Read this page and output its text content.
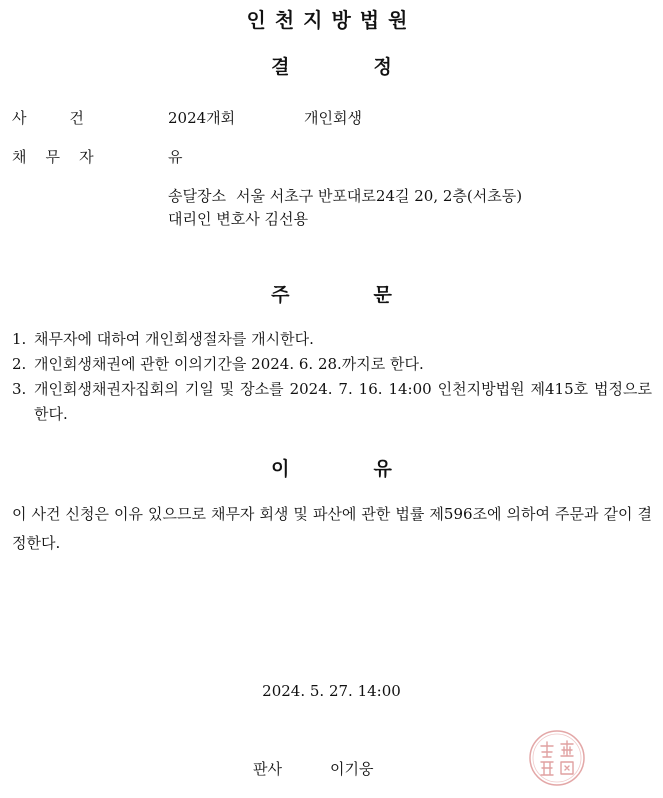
인천지방법원
결	정
사         건	2024개회	개인회생
채    무    자	유
송달장소 서울 서초구 반포대로24길 20, 2층(서초동)
대리인 변호사 김선용
주	문
1. 채무자에 대하여 개인회생절차를 개시한다.
2. 개인회생채권에 관한 이의기간을 2024. 6. 28.까지로 한다.
3. 개인회생채권자집회의 기일 및 장소를 2024. 7. 16. 14:00 인천지방법원 제415호 법정으로 한다.
이	유
이 사건 신청은 이유 있으므로 채무자 회생 및 파산에 관한 법률 제596조에 의하여 주문과 같이 결정한다.
2024. 5. 27. 14:00
판사	이기웅
